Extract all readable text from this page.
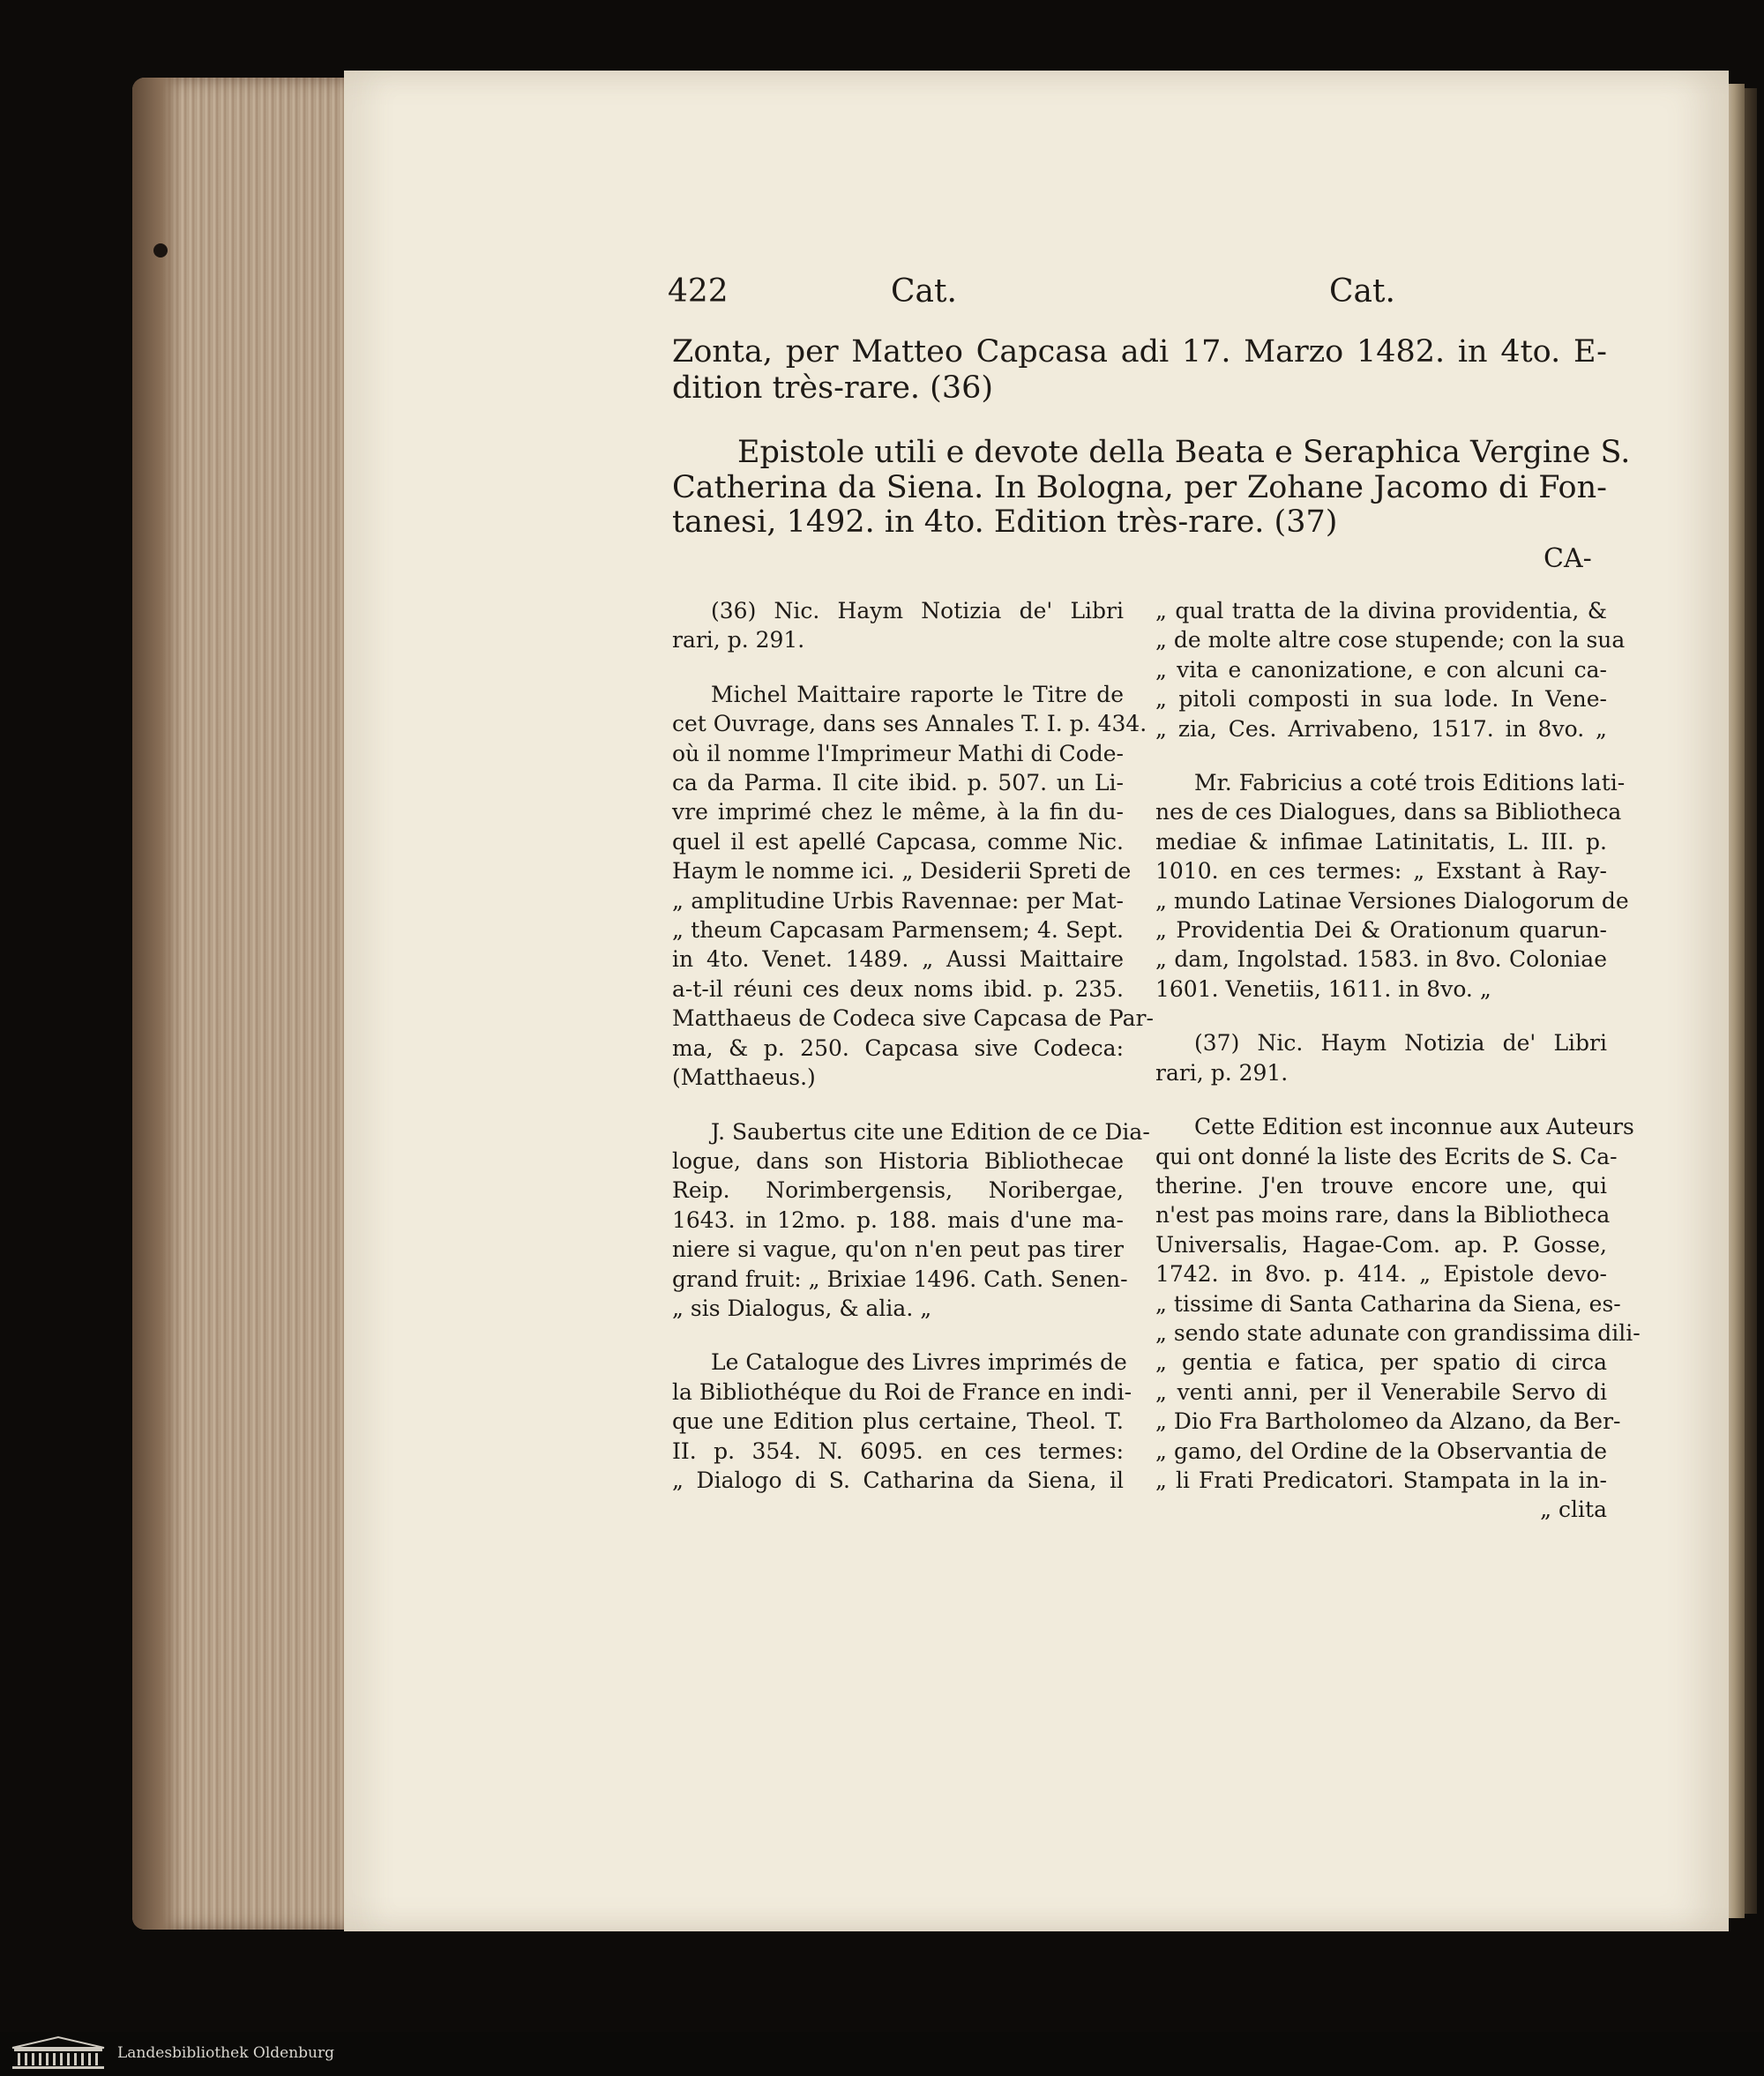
422	Cat.	Cat.
Zonta, per Matteo Capcasa adi 17. Marzo 1482. in 4to. E-
dition très-rare. (36)
Epistole utili e devote della Beata e Seraphica Vergine S.
Catherina da Siena. In Bologna, per Zohane Jacomo di Fon-
tanesi, 1492. in 4to. Edition très-rare. (37)
CA-

(36) Nic. Haym Notizia de' Libri
rari, p. 291.

Michel Maittaire raporte le Titre de
cet Ouvrage, dans ses Annales T. I. p. 434.
où il nomme l'Imprimeur Mathi di Code-
ca da Parma. Il cite ibid. p. 507. un Li-
vre imprimé chez le même, à la fin du-
quel il est apellé Capcasa, comme Nic.
Haym le nomme ici. „ Desiderii Spreti de
„ amplitudine Urbis Ravennae: per Mat-
„ theum Capcasam Parmensem; 4. Sept.
in 4to. Venet. 1489. „ Aussi Maittaire
a-t-il réuni ces deux noms ibid. p. 235.
Matthaeus de Codeca sive Capcasa de Par-
ma, & p. 250. Capcasa sive Codeca:
(Matthaeus.)

J. Saubertus cite une Edition de ce Dia-
logue, dans son Historia Bibliothecae
Reip. Norimbergensis, Noribergae,
1643. in 12mo. p. 188. mais d'une ma-
niere si vague, qu'on n'en peut pas tirer
grand fruit: „ Brixiae 1496. Cath. Senen-
„ sis Dialogus, & alia. „

Le Catalogue des Livres imprimés de
la Bibliothéque du Roi de France en indi-
que une Edition plus certaine, Theol. T.
II. p. 354. N. 6095. en ces termes:
„ Dialogo di S. Catharina da Siena, il

„ qual tratta de la divina providentia, &
„ de molte altre cose stupende; con la sua
„ vita e canonizatione, e con alcuni ca-
„ pitoli composti in sua lode. In Vene-
„ zia, Ces. Arrivabeno, 1517. in 8vo. „

Mr. Fabricius a coté trois Editions lati-
nes de ces Dialogues, dans sa Bibliotheca
mediae & infimae Latinitatis, L. III. p.
1010. en ces termes: „ Exstant à Ray-
„ mundo Latinae Versiones Dialogorum de
„ Providentia Dei & Orationum quarun-
„ dam, Ingolstad. 1583. in 8vo. Coloniae
1601. Venetiis, 1611. in 8vo. „

(37) Nic. Haym Notizia de' Libri
rari, p. 291.

Cette Edition est inconnue aux Auteurs
qui ont donné la liste des Ecrits de S. Ca-
therine. J'en trouve encore une, qui
n'est pas moins rare, dans la Bibliotheca
Universalis, Hagae-Com. ap. P. Gosse,
1742. in 8vo. p. 414. „ Epistole devo-
„ tissime di Santa Catharina da Siena, es-
„ sendo state adunate con grandissima dili-
„ gentia e fatica, per spatio di circa
„ venti anni, per il Venerabile Servo di
„ Dio Fra Bartholomeo da Alzano, da Ber-
„ gamo, del Ordine de la Observantia de
„ li Frati Predicatori. Stampata in la in-

„ clita
Landesbibliothek Oldenburg
